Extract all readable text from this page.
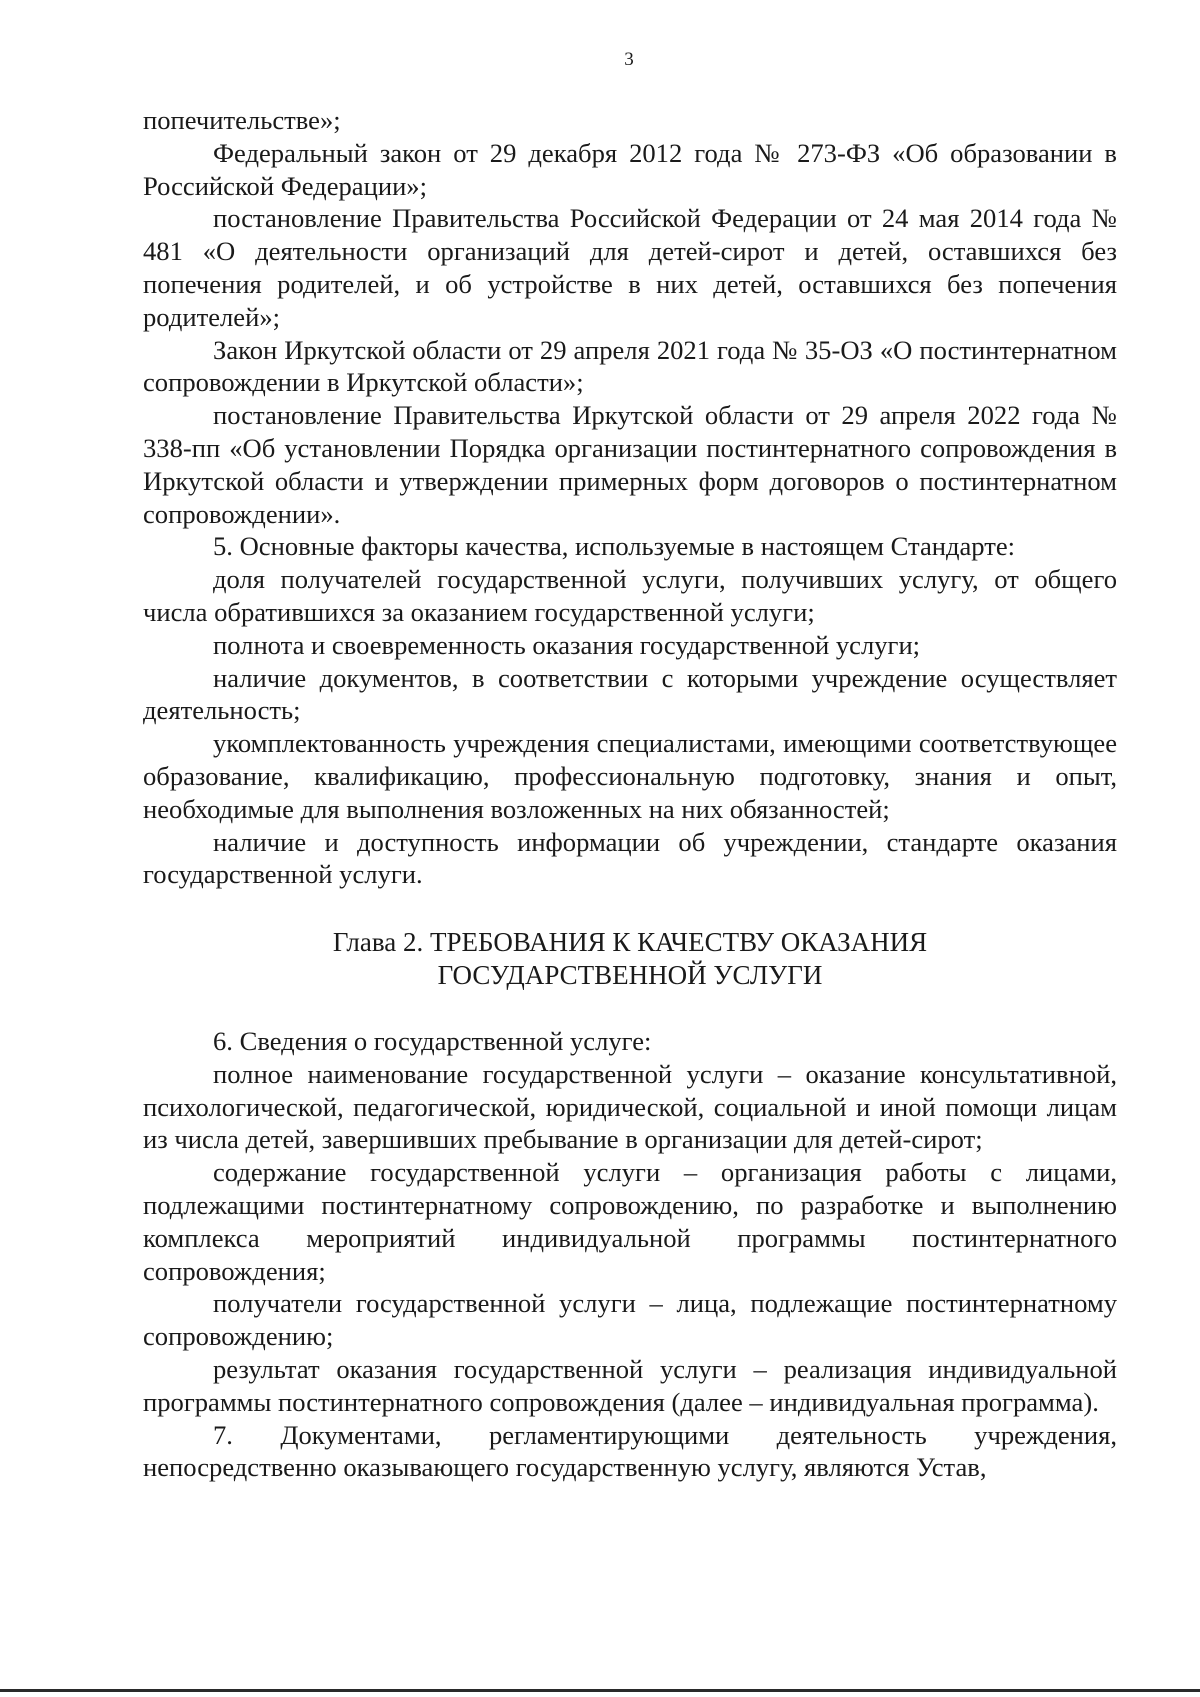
3

попечительстве»;

Федеральный закон от 29 декабря 2012 года № 273-ФЗ «Об образовании в Российской Федерации»;

постановление Правительства Российской Федерации от 24 мая 2014 года № 481 «О деятельности организаций для детей-сирот и детей, оставшихся без попечения родителей, и об устройстве в них детей, оставшихся без попечения родителей»;

Закон Иркутской области от 29 апреля 2021 года № 35-ОЗ «О постинтернатном сопровождении в Иркутской области»;

постановление Правительства Иркутской области от 29 апреля 2022 года № 338-пп «Об установлении Порядка организации постинтернатного сопровождения в Иркутской области и утверждении примерных форм договоров о постинтернатном сопровождении».

5. Основные факторы качества, используемые в настоящем Стандарте:

доля получателей государственной услуги, получивших услугу, от общего числа обратившихся за оказанием государственной услуги;

полнота и своевременность оказания государственной услуги;

наличие документов, в соответствии с которыми учреждение осуществляет деятельность;

укомплектованность учреждения специалистами, имеющими соответствующее образование, квалификацию, профессиональную подготовку, знания и опыт, необходимые для выполнения возложенных на них обязанностей;

наличие и доступность информации об учреждении, стандарте оказания государственной услуги.

Глава 2. ТРЕБОВАНИЯ К КАЧЕСТВУ ОКАЗАНИЯ
ГОСУДАРСТВЕННОЙ УСЛУГИ

6. Сведения о государственной услуге:

полное наименование государственной услуги – оказание консультативной, психологической, педагогической, юридической, социальной и иной помощи лицам из числа детей, завершивших пребывание в организации для детей-сирот;

содержание государственной услуги – организация работы с лицами, подлежащими постинтернатному сопровождению, по разработке и выполнению комплекса мероприятий индивидуальной программы постинтернатного сопровождения;

получатели государственной услуги – лица, подлежащие постинтернатному сопровождению;

результат оказания государственной услуги – реализация индивидуальной программы постинтернатного сопровождения (далее – индивидуальная программа).

7. Документами, регламентирующими деятельность учреждения, непосредственно оказывающего государственную услугу, являются Устав,
